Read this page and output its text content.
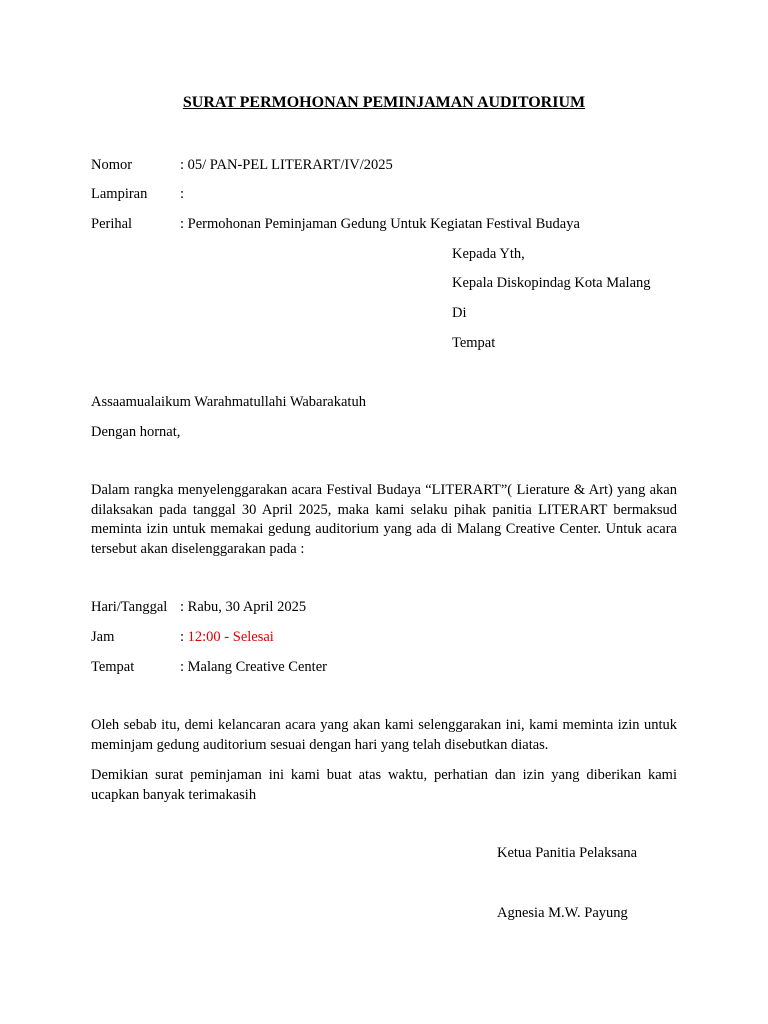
SURAT PERMOHONAN PEMINJAMAN AUDITORIUM
Nomor	: 05/ PAN-PEL LITERART/IV/2025
Lampiran :
Perihal	: Permohonan Peminjaman Gedung Untuk Kegiatan Festival Budaya
Kepada Yth,
Kepala Diskopindag Kota Malang
Di
Tempat
Assaamualaikum Warahmatullahi Wabarakatuh
Dengan hornat,
Dalam rangka menyelenggarakan acara Festival Budaya “LITERART”( Lierature & Art) yang akan dilaksakan pada tanggal 30 April 2025, maka kami selaku pihak panitia LITERART bermaksud meminta izin untuk memakai gedung auditorium yang ada di Malang Creative Center. Untuk acara tersebut akan diselenggarakan pada :
Hari/Tanggal : Rabu, 30 April 2025
Jam	: 12:00 - Selesai
Tempat	: Malang Creative Center
Oleh sebab itu, demi kelancaran acara yang akan kami selenggarakan ini, kami meminta izin untuk meminjam gedung auditorium sesuai dengan hari yang telah disebutkan diatas.
Demikian surat peminjaman ini kami buat atas waktu, perhatian dan izin yang diberikan kami ucapkan banyak terimakasih
Ketua Panitia Pelaksana
Agnesia M.W. Payung
